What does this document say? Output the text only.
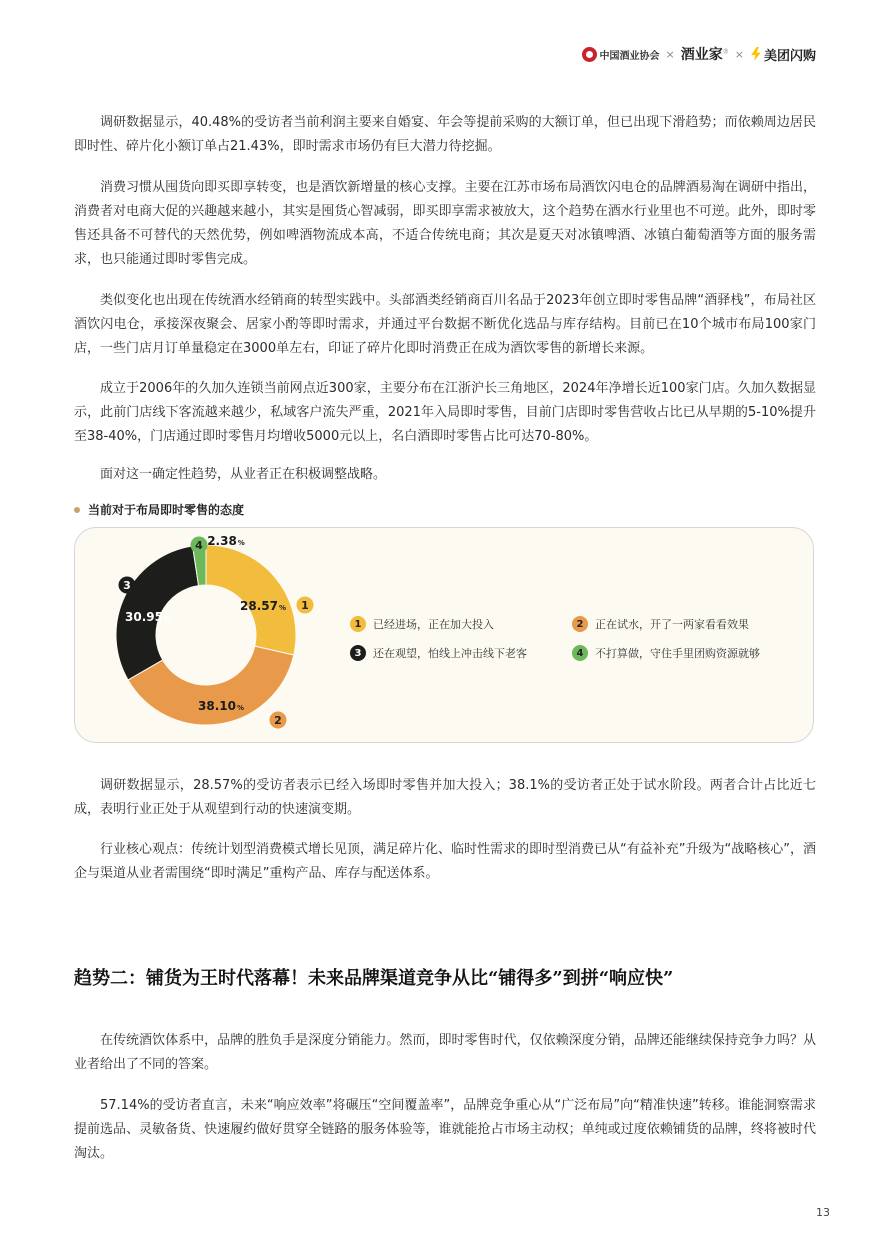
中国酒业协会 × 酒业家® × 美团闪购

调研数据显示，40.48%的受访者当前利润主要来自婚宴、年会等提前采购的大额订单，但已出现下滑趋势；而依赖周边居民即时性、碎片化小额订单占21.43%，即时需求市场仍有巨大潜力待挖掘。

消费习惯从囤货向即买即享转变，也是酒饮新增量的核心支撑。主要在江苏市场布局酒饮闪电仓的品牌酒易淘在调研中指出，消费者对电商大促的兴趣越来越小，其实是囤货心智减弱，即买即享需求被放大，这个趋势在酒水行业里也不可逆。此外，即时零售还具备不可替代的天然优势，例如啤酒物流成本高，不适合传统电商；其次是夏天对冰镇啤酒、冰镇白葡萄酒等方面的服务需求，也只能通过即时零售完成。

类似变化也出现在传统酒水经销商的转型实践中。头部酒类经销商百川名品于2023年创立即时零售品牌“酒驿栈”，布局社区酒饮闪电仓，承接深夜聚会、居家小酌等即时需求，并通过平台数据不断优化选品与库存结构。目前已在10个城市布局100家门店，一些门店月订单量稳定在3000单左右，印证了碎片化即时消费正在成为酒饮零售的新增长来源。

成立于2006年的久加久连锁当前网点近300家，主要分布在江浙沪长三角地区，2024年净增长近100家门店。久加久数据显示，此前门店线下客流越来越少，私域客户流失严重，2021年入局即时零售，目前门店即时零售营收占比已从早期的5-10%提升至38-40%，门店通过即时零售月均增收5000元以上，名白酒即时零售占比可达70-80%。

面对这一确定性趋势，从业者正在积极调整战略。

当前对于布局即时零售的态度
1
28.57%
2
38.10%
3
30.95%
4 2.38%
1	已经进场，正在加大投入	2	正在试水，开了一两家看看效果
3	还在观望，怕线上冲击线下老客	4	不打算做，守住手里团购资源就够

调研数据显示，28.57%的受访者表示已经入场即时零售并加大投入；38.1%的受访者正处于试水阶段。两者合计占比近七成，表明行业正处于从观望到行动的快速演变期。

行业核心观点：传统计划型消费模式增长见顶，满足碎片化、临时性需求的即时型消费已从“有益补充”升级为“战略核心”，酒企与渠道从业者需围绕“即时满足”重构产品、库存与配送体系。

趋势二：铺货为王时代落幕！未来品牌渠道竞争从比“铺得多”到拼“响应快”

在传统酒饮体系中，品牌的胜负手是深度分销能力。然而，即时零售时代，仅依赖深度分销，品牌还能继续保持竞争力吗？从业者给出了不同的答案。

57.14%的受访者直言，未来“响应效率”将碾压“空间覆盖率”，品牌竞争重心从“广泛布局”向“精准快速”转移。谁能洞察需求提前选品、灵敏备货、快速履约做好贯穿全链路的服务体验等，谁就能抢占市场主动权；单纯或过度依赖铺货的品牌，终将被时代淘汰。

13
